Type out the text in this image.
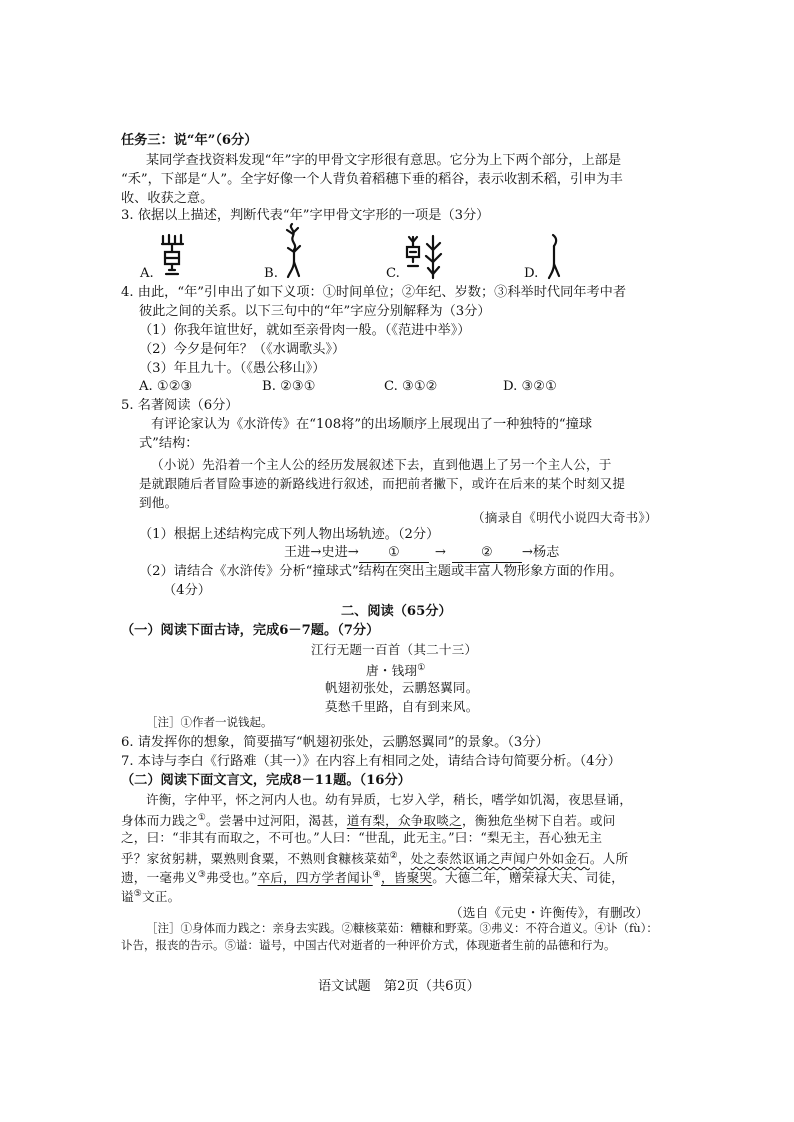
任务三：说“年”（6分）
某同学查找资料发现“年”字的甲骨文字形很有意思。它分为上下两个部分，上部是
“禾”，下部是“人”。全字好像一个人背负着稻穗下垂的稻谷，表示收割禾稻，引申为丰
收、收获之意。
3. 依据以上描述，判断代表“年”字甲骨文字形的一项是（3分）
A.	B.	C.	D.
4. 由此，“年”引申出了如下义项：①时间单位；②年纪、岁数；③科举时代同年考中者
彼此之间的关系。以下三句中的“年”字应分别解释为（3分）
（1）你我年谊世好，就如至亲骨肉一般。（《范进中举》）
（2）今夕是何年？（《水调歌头》）
（3）年且九十。（《愚公移山》）
A. ①②③	B. ②③①	C. ③①②	D. ③②①
5. 名著阅读（6分）
有评论家认为《水浒传》在“108将”的出场顺序上展现出了一种独特的“撞球
式”结构：
（小说）先沿着一个主人公的经历发展叙述下去，直到他遇上了另一个主人公，于
是就跟随后者冒险事迹的新路线进行叙述，而把前者撇下，或许在后来的某个时刻又提
到他。
（摘录自《明代小说四大奇书》）
（1）根据上述结构完成下列人物出场轨迹。（2分）
王进→史进→ ①	→	② →杨志
（2）请结合《水浒传》分析“撞球式”结构在突出主题或丰富人物形象方面的作用。
（4分）
二、阅读（65分）
（一）阅读下面古诗，完成6－7题。（7分）
江行无题一百首（其二十三）
唐・钱珝①
帆翅初张处，云鹏怒翼同。
莫愁千里路，自有到来风。
［注］①作者一说钱起。
6. 请发挥你的想象，简要描写“帆翅初张处，云鹏怒翼同”的景象。（3分）
7. 本诗与李白《行路难（其一）》在内容上有相同之处，请结合诗句简要分析。（4分）
（二）阅读下面文言文，完成8－11题。（16分）
许衡，字仲平，怀之河内人也。幼有异质，七岁入学，稍长，嗜学如饥渴，夜思昼诵，
身体而力践之①。尝暑中过河阳，渴甚，道有梨，众争取啖之，衡独危坐树下自若。或问
之，曰：“非其有而取之，不可也。”人曰：“世乱，此无主。”曰：“梨无主，吾心独无主
乎？家贫躬耕，粟熟则食粟，不熟则食糠核菜茹②，处之泰然讴诵之声闻户外如金石。人所
遗，一毫弗义③弗受也。”卒后，四方学者闻讣④，皆聚哭。大德二年，赠荣禄大夫、司徒，
谥⑤文正。
（选自《元史・许衡传》，有删改）
［注］①身体而力践之：亲身去实践。②糠核菜茹：糟糠和野菜。③弗义：不符合道义。④讣（fù）：
讣告，报丧的告示。⑤谥：谥号，中国古代对逝者的一种评价方式，体现逝者生前的品德和行为。
语文试题　第2页（共6页）
